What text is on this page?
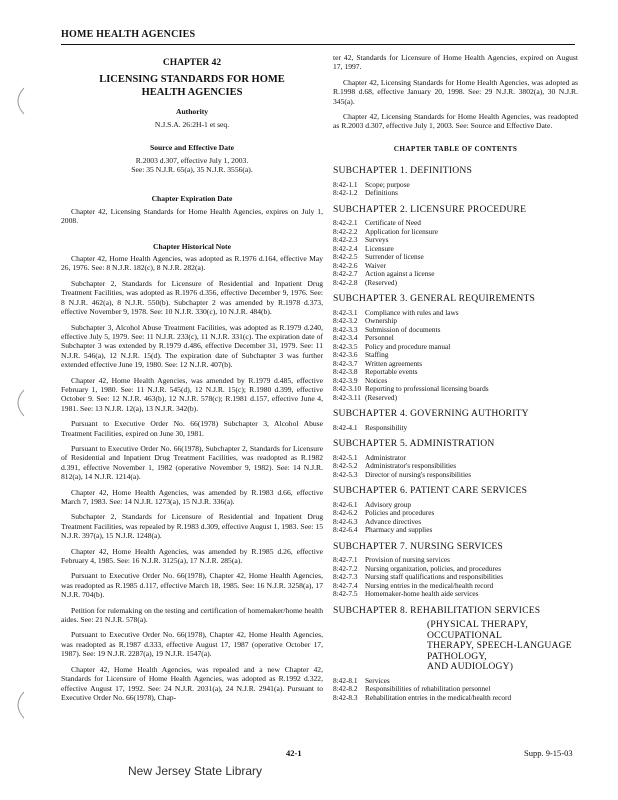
HOME HEALTH AGENCIES
CHAPTER 42
LICENSING STANDARDS FOR HOME
HEALTH AGENCIES
Authority
N.J.S.A. 26:2H-1 et seq.
Source and Effective Date
R.2003 d.307, effective July 1, 2003.
See: 35 N.J.R. 65(a), 35 N.J.R. 3556(a).
Chapter Expiration Date

Chapter 42, Licensing Standards for Home Health Agencies, expires on July 1, 2008.

Chapter Historical Note

Chapter 42, Home Health Agencies, was adopted as R.1976 d.164, effective May 26, 1976. See: 8 N.J.R. 182(c), 8 N.J.R. 282(a).

Subchapter 2, Standards for Licensure of Residential and Inpatient Drug Treatment Facilities, was adopted as R.1976 d.356, effective December 9, 1976. See: 8 N.J.R. 462(a), 8 N.J.R. 550(b). Subchapter 2 was amended by R.1978 d.373, effective November 9, 1978. See: 10 N.J.R. 330(c), 10 N.J.R. 484(b).

Subchapter 3, Alcohol Abuse Treatment Facilities, was adopted as R.1979 d.240, effective July 5, 1979. See: 11 N.J.R. 233(c), 11 N.J.R. 331(c). The expiration date of Subchapter 3 was extended by R.1979 d.486, effective December 31, 1979. See: 11 N.J.R. 546(a), 12 N.J.R. 15(d). The expiration date of Subchapter 3 was further extended effective June 19, 1980. See: 12 N.J.R. 407(b).

Chapter 42, Home Health Agencies, was amended by R.1979 d.485, effective February 1, 1980. See: 11 N.J.R. 545(d), 12 N.J.R. 15(c); R.1980 d.399, effective October 9. See: 12 N.J.R. 463(b), 12 N.J.R. 578(c); R.1981 d.157, effective June 4, 1981. See: 13 N.J.R. 12(a), 13 N.J.R. 342(b).

Pursuant to Executive Order No. 66(1978) Subchapter 3, Alcohol Abuse Treatment Facilities, expired on June 30, 1981.

Pursuant to Executive Order No. 66(1978), Subchapter 2, Standards for Licensure of Residential and Inpatient Drug Treatment Facilities, was readopted as R.1982 d.391, effective November 1, 1982 (operative November 9, 1982). See: 14 N.J.R. 812(a), 14 N.J.R. 1214(a).

Chapter 42, Home Health Agencies, was amended by R.1983 d.66, effective March 7, 1983. See: 14 N.J.R. 1273(a), 15 N.J.R. 336(a).

Subchapter 2, Standards for Licensure of Residential and Inpatient Drug Treatment Facilities, was repealed by R.1983 d.309, effective August 1, 1983. See: 15 N.J.R. 397(a), 15 N.J.R. 1248(a).

Chapter 42, Home Health Agencies, was amended by R.1985 d.26, effective February 4, 1985. See: 16 N.J.R. 3125(a), 17 N.J.R. 285(a).

Pursuant to Executive Order No. 66(1978), Chapter 42, Home Health Agencies, was readopted as R.1985 d.117, effective March 18, 1985. See: 16 N.J.R. 3258(a), 17 N.J.R. 704(b).

Petition for rulemaking on the testing and certification of homemaker/home health aides. See: 21 N.J.R. 578(a).

Pursuant to Executive Order No. 66(1978), Chapter 42, Home Health Agencies, was readopted as R.1987 d.333, effective August 17, 1987 (operative October 17, 1987). See: 19 N.J.R. 2287(a), 19 N.J.R. 1547(a).

Chapter 42, Home Health Agencies, was repealed and a new Chapter 42, Standards for Licensure of Home Health Agencies, was adopted as R.1992 d.322, effective August 17, 1992. See: 24 N.J.R. 2031(a), 24 N.J.R. 2941(a). Pursuant to Executive Order No. 66(1978), Chap-

ter 42, Standards for Licensure of Home Health Agencies, expired on August 17, 1997.

Chapter 42, Licensing Standards for Home Health Agencies, was adopted as R.1998 d.68, effective January 20, 1998. See: 29 N.J.R. 3802(a), 30 N.J.R. 345(a).

Chapter 42, Licensing Standards for Home Health Agencies, was readopted as R.2003 d.307, effective July 1, 2003. See: Source and Effective Date.

CHAPTER TABLE OF CONTENTS
SUBCHAPTER 1. DEFINITIONS
8:42-1.1	Scope; purpose
8:42-1.2	Definitions
SUBCHAPTER 2. LICENSURE PROCEDURE
8:42-2.1	Certificate of Need
8:42-2.2	Application for licensure
8:42-2.3	Surveys
8:42-2.4	Licensure
8:42-2.5	Surrender of license
8:42-2.6	Waiver
8:42-2.7	Action against a license
8:42-2.8	(Reserved)
SUBCHAPTER 3. GENERAL REQUIREMENTS
8:42-3.1	Compliance with rules and laws
8:42-3.2	Ownership
8:42-3.3	Submission of documents
8:42-3.4	Personnel
8:42-3.5	Policy and procedure manual
8:42-3.6	Staffing
8:42-3.7	Written agreements
8:42-3.8	Reportable events
8:42-3.9	Notices
8:42-3.10 Reporting to professional licensing boards
8:42-3.11 (Reserved)
SUBCHAPTER 4. GOVERNING AUTHORITY
8:42-4.1	Responsibility
SUBCHAPTER 5. ADMINISTRATION
8:42-5.1	Administrator
8:42-5.2	Administrator's responsibilities
8:42-5.3	Director of nursing's responsibilities
SUBCHAPTER 6. PATIENT CARE SERVICES
8:42-6.1	Advisory group
8:42-6.2	Policies and procedures
8:42-6.3	Advance directives
8:42-6.4	Pharmacy and supplies
SUBCHAPTER 7. NURSING SERVICES
8:42-7.1	Provision of nursing services
8:42-7.2	Nursing organization, policies, and procedures
8:42-7.3	Nursing staff qualifications and responsibilities
8:42-7.4	Nursing entries in the medical/health record
8:42-7.5	Homemaker-home health aide services
SUBCHAPTER 8. REHABILITATION SERVICES
(PHYSICAL THERAPY, OCCUPATIONAL
THERAPY, SPEECH-LANGUAGE PATHOLOGY,
AND AUDIOLOGY)
8:42-8.1	Services
8:42-8.2	Responsibilities of rehabilitation personnel
8:42-8.3	Rehabilitation entries in the medical/health record
42-1	Supp. 9-15-03
New Jersey State Library
